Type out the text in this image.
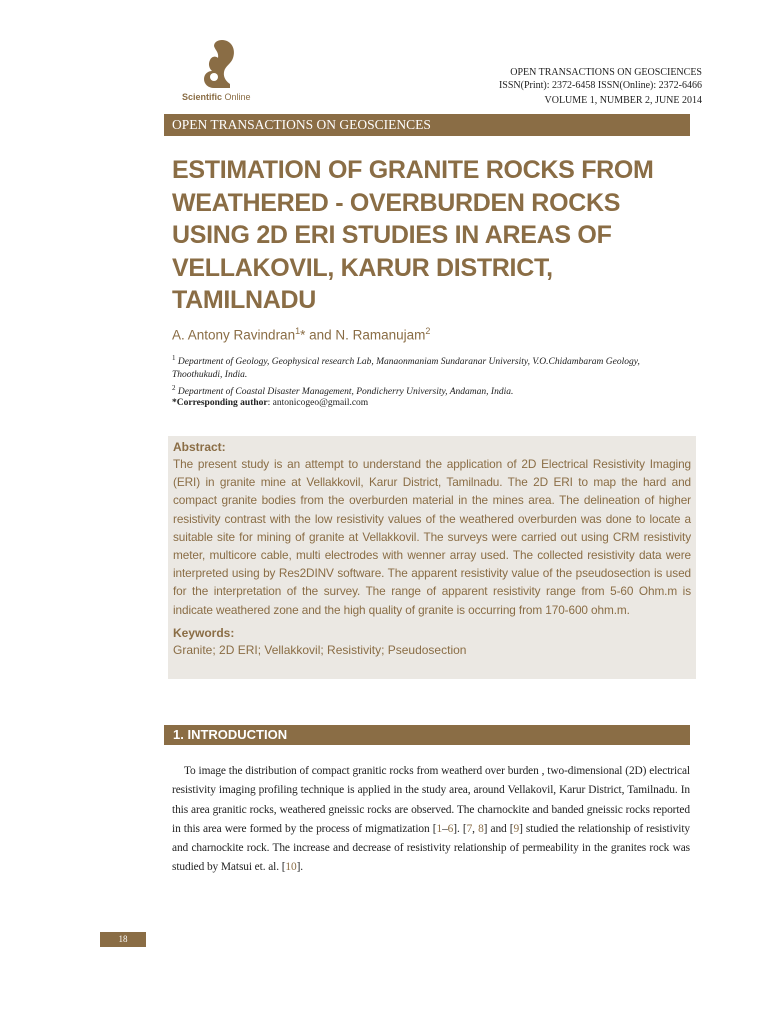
Scientific Online
OPEN TRANSACTIONS ON GEOSCIENCES
ISSN(Print): 2372-6458 ISSN(Online): 2372-6466
VOLUME 1, NUMBER 2, JUNE 2014
OPEN TRANSACTIONS ON GEOSCIENCES
ESTIMATION OF GRANITE ROCKS FROM
WEATHERED - OVERBURDEN ROCKS
USING 2D ERI STUDIES IN AREAS OF
VELLAKOVIL, KARUR DISTRICT,
TAMILNADU
A. Antony Ravindran$^1$* and N. Ramanujam$^2$
$^1$ Department of Geology, Geophysical research Lab, Manaonmaniam Sundaranar University, V.O.Chidambaram Geology, Thoothukudi, India.
$^2$ Department of Coastal Disaster Management, Pondicherry University, Andaman, India.
*Corresponding author: antonicogeo@gmail.com
Abstract:
The present study is an attempt to understand the application of 2D Electrical Resistivity Imaging (ERI) in granite mine at Vellakkovil, Karur District, Tamilnadu. The 2D ERI to map the hard and compact granite bodies from the overburden material in the mines area. The delineation of higher resistivity contrast with the low resistivity values of the weathered overburden was done to locate a suitable site for mining of granite at Vellakkovil. The surveys were carried out using CRM resistivity meter, multicore cable, multi electrodes with wenner array used. The collected resistivity data were interpreted using by Res2DINV software. The apparent resistivity value of the pseudosection is used for the interpretation of the survey. The range of apparent resistivity range from 5-60 Ohm.m is indicate weathered zone and the high quality of granite is occurring from 170-600 ohm.m.
Keywords:
Granite; 2D ERI; Vellakkovil; Resistivity; Pseudosection
1. INTRODUCTION
To image the distribution of compact granitic rocks from weatherd over burden , two-dimensional (2D) electrical resistivity imaging profiling technique is applied in the study area, around Vellakovil, Karur District, Tamilnadu. In this area granitic rocks, weathered gneissic rocks are observed. The charnockite and banded gneissic rocks reported in this area were formed by the process of migmatization [1–6]. [7, 8] and [9] studied the relationship of resistivity and charnockite rock. The increase and decrease of resistivity relationship of permeability in the granites rock was studied by Matsui et. al. [10].
18
